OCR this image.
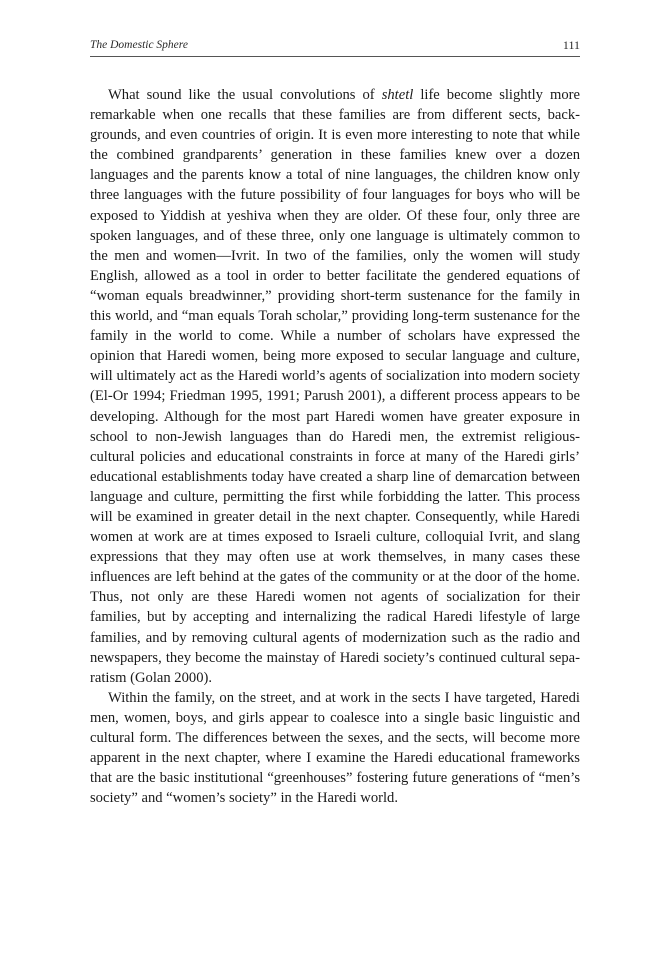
The Domestic Sphere	111

What sound like the usual convolutions of shtetl life become slightly more remarkable when one recalls that these families are from different sects, backgrounds, and even countries of origin. It is even more interesting to note that while the combined grandparents’ generation in these families knew over a dozen languages and the parents know a total of nine languages, the children know only three languages with the future possibility of four languages for boys who will be exposed to Yiddish at yeshiva when they are older. Of these four, only three are spoken languages, and of these three, only one language is ultimately common to the men and women—Ivrit. In two of the families, only the women will study English, allowed as a tool in order to better facilitate the gendered equations of “woman equals breadwinner,” providing short-term sustenance for the family in this world, and “man equals Torah scholar,” providing long-term sustenance for the family in the world to come. While a number of scholars have expressed the opinion that Haredi women, being more exposed to secular language and culture, will ultimately act as the Haredi world’s agents of socialization into modern society (El-Or 1994; Friedman 1995, 1991; Parush 2001), a different process appears to be developing. Although for the most part Haredi women have greater exposure in school to non-Jewish languages than do Haredi men, the extremist religious-cultural policies and educational constraints in force at many of the Haredi girls’ educational establishments today have created a sharp line of demarcation between language and culture, permitting the first while forbidding the latter. This process will be examined in greater detail in the next chapter. Consequently, while Haredi women at work are at times exposed to Israeli culture, colloquial Ivrit, and slang expressions that they may often use at work themselves, in many cases these influences are left behind at the gates of the community or at the door of the home. Thus, not only are these Haredi women not agents of socialization for their families, but by accepting and internalizing the radical Haredi lifestyle of large families, and by removing cultural agents of modernization such as the radio and newspapers, they become the mainstay of Haredi society’s continued cultural separatism (Golan 2000).

Within the family, on the street, and at work in the sects I have targeted, Haredi men, women, boys, and girls appear to coalesce into a single basic linguistic and cultural form. The differences between the sexes, and the sects, will become more apparent in the next chapter, where I examine the Haredi educational frameworks that are the basic institutional “greenhouses” fostering future generations of “men’s society” and “women’s society” in the Haredi world.
